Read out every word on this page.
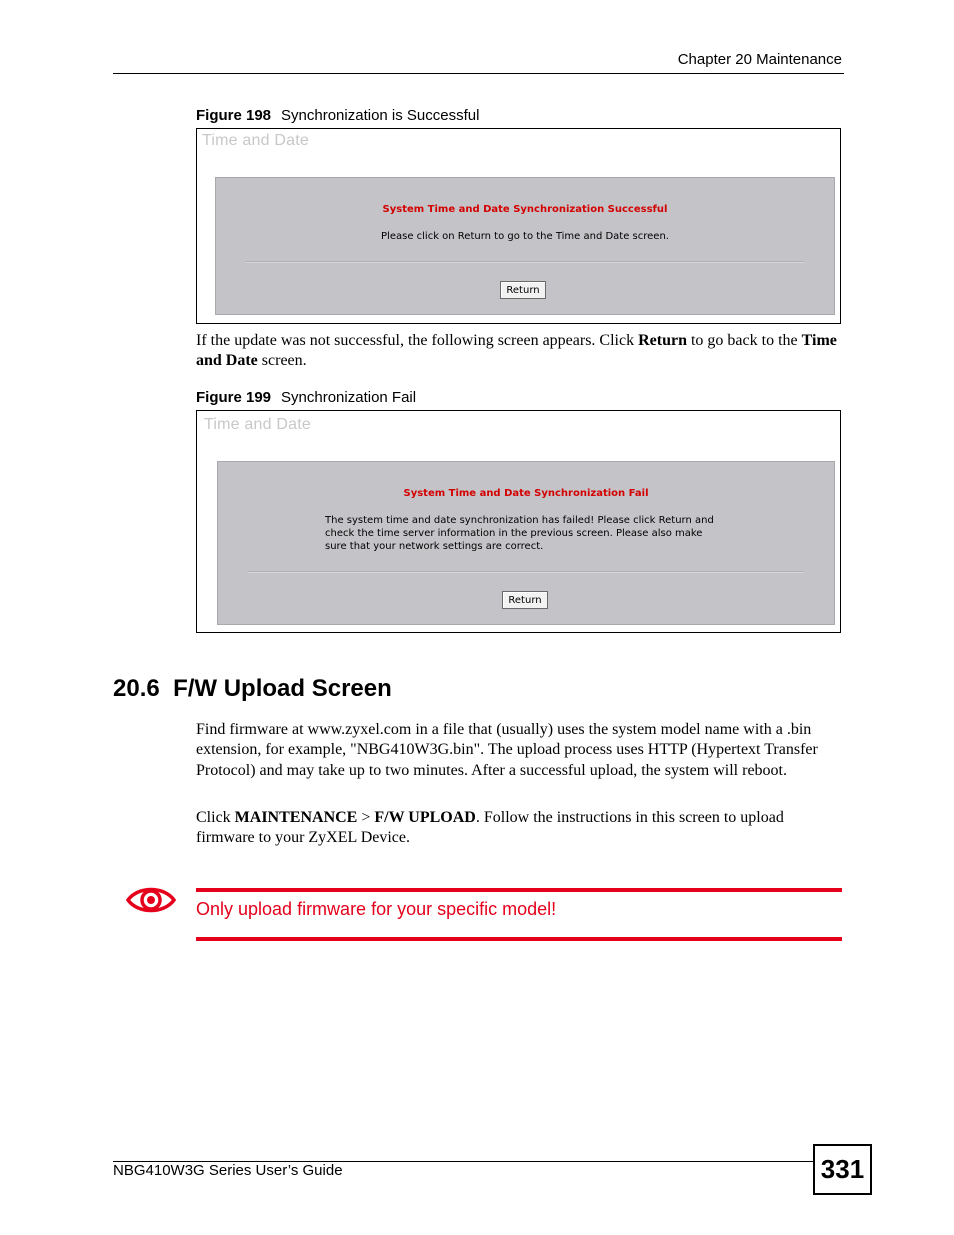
Chapter 20 Maintenance
Figure 198 Synchronization is Successful
Time and Date
System Time and Date Synchronization Successful
Please click on Return to go to the Time and Date screen.
Return
If the update was not successful, the following screen appears. Click Return to go back to the Time and Date screen.
Figure 199 Synchronization Fail
Time and Date
System Time and Date Synchronization Fail
The system time and date synchronization has failed! Please click Return and
check the time server information in the previous screen. Please also make
sure that your network settings are correct.
Return
20.6 F/W Upload Screen
Find firmware at www.zyxel.com in a file that (usually) uses the system model name with a .bin extension, for example, "NBG410W3G.bin". The upload process uses HTTP (Hypertext Transfer Protocol) and may take up to two minutes. After a successful upload, the system will reboot.
Click MAINTENANCE > F/W UPLOAD. Follow the instructions in this screen to upload firmware to your ZyXEL Device.
Only upload firmware for your specific model!
NBG410W3G Series User’s Guide	331
